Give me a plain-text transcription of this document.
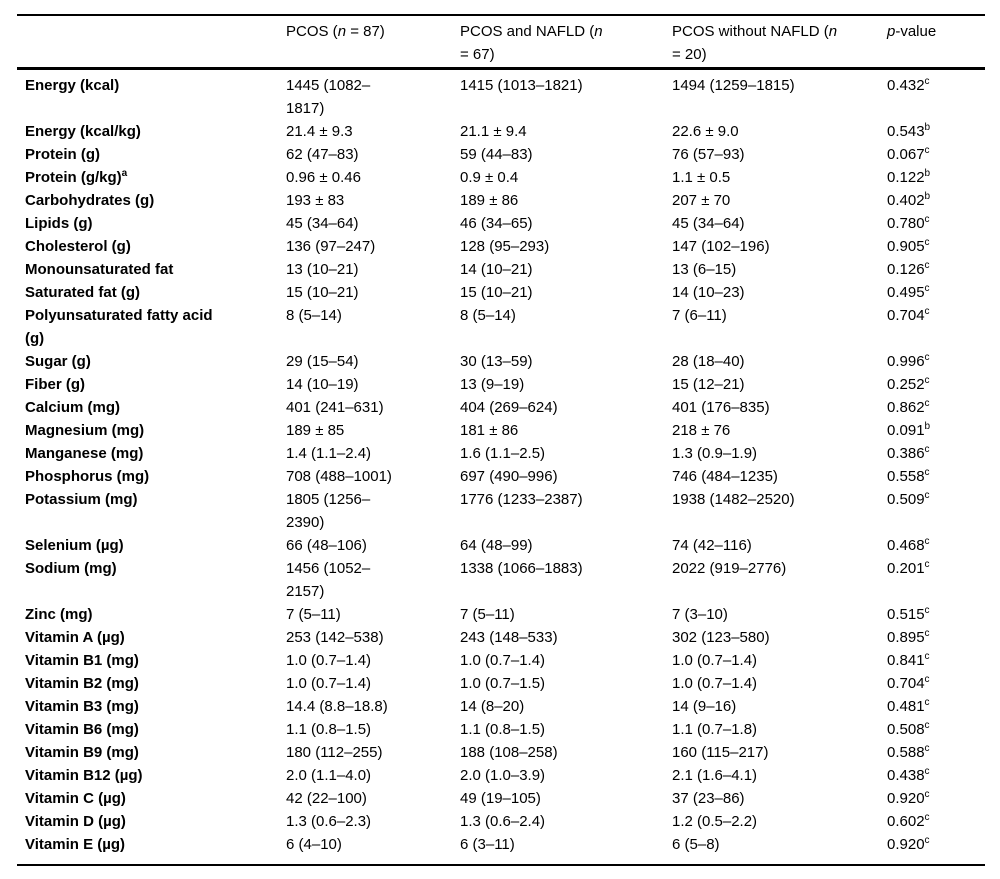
	PCOS (n = 87)	PCOS and NAFLD (n = 67)	PCOS without NAFLD (n = 20)	p-value
Energy (kcal)	1445 (1082–1817)	1415 (1013–1821)	1494 (1259–1815)	0.432$^c$
Energy (kcal/kg)	21.4 ± 9.3	21.1 ± 9.4	22.6 ± 9.0	0.543$^b$
Protein (g)	62 (47–83)	59 (44–83)	76 (57–93)	0.067$^c$
Protein $(g/kg)^a$	0.96 ± 0.46	0.9 ± 0.4	1.1 ± 0.5	0.122$^b$
Carbohydrates (g)	193 ± 83	189 ± 86	207 ± 70	0.402$^b$
Lipids (g)	45 (34–64)	46 (34–65)	45 (34–64)	0.780$^c$
Cholesterol (g)	136 (97–247)	128 (95–293)	147 (102–196)	0.905$^c$
Monounsaturated fat	13 (10–21)	14 (10–21)	13 (6–15)	0.126$^c$
Saturated fat (g)	15 (10–21)	15 (10–21)	14 (10–23)	0.495$^c$
Polyunsaturated fatty acid (g)	8 (5–14)	8 (5–14)	7 (6–11)	0.704$^c$
Sugar (g)	29 (15–54)	30 (13–59)	28 (18–40)	0.996$^c$
Fiber (g)	14 (10–19)	13 (9–19)	15 (12–21)	0.252$^c$
Calcium (mg)	401 (241–631)	404 (269–624)	401 (176–835)	0.862$^c$
Magnesium (mg)	189 ± 85	181 ± 86	218 ± 76	0.091$^b$
Manganese (mg)	1.4 (1.1–2.4)	1.6 (1.1–2.5)	1.3 (0.9–1.9)	0.386$^c$
Phosphorus (mg)	708 (488–1001)	697 (490–996)	746 (484–1235)	0.558$^c$
Potassium (mg)	1805 (1256–2390)	1776 (1233–2387)	1938 (1482–2520)	0.509$^c$
Selenium (µg)	66 (48–106)	64 (48–99)	74 (42–116)	0.468$^c$
Sodium (mg)	1456 (1052–2157)	1338 (1066–1883)	2022 (919–2776)	0.201$^c$
Zinc (mg)	7 (5–11)	7 (5–11)	7 (3–10)	0.515$^c$
Vitamin A (µg)	253 (142–538)	243 (148–533)	302 (123–580)	0.895$^c$
Vitamin B1 (mg)	1.0 (0.7–1.4)	1.0 (0.7–1.4)	1.0 (0.7–1.4)	0.841$^c$
Vitamin B2 (mg)	1.0 (0.7–1.4)	1.0 (0.7–1.5)	1.0 (0.7–1.4)	0.704$^c$
Vitamin B3 (mg)	14.4 (8.8–18.8)	14 (8–20)	14 (9–16)	0.481$^c$
Vitamin B6 (mg)	1.1 (0.8–1.5)	1.1 (0.8–1.5)	1.1 (0.7–1.8)	0.508$^c$
Vitamin B9 (mg)	180 (112–255)	188 (108–258)	160 (115–217)	0.588$^c$
Vitamin B12 (µg)	2.0 (1.1–4.0)	2.0 (1.0–3.9)	2.1 (1.6–4.1)	0.438$^c$
Vitamin C (µg)	42 (22–100)	49 (19–105)	37 (23–86)	0.920$^c$
Vitamin D (µg)	1.3 (0.6–2.3)	1.3 (0.6–2.4)	1.2 (0.5–2.2)	0.602$^c$
Vitamin E (µg)	6 (4–10)	6 (3–11)	6 (5–8)	0.920$^c$
